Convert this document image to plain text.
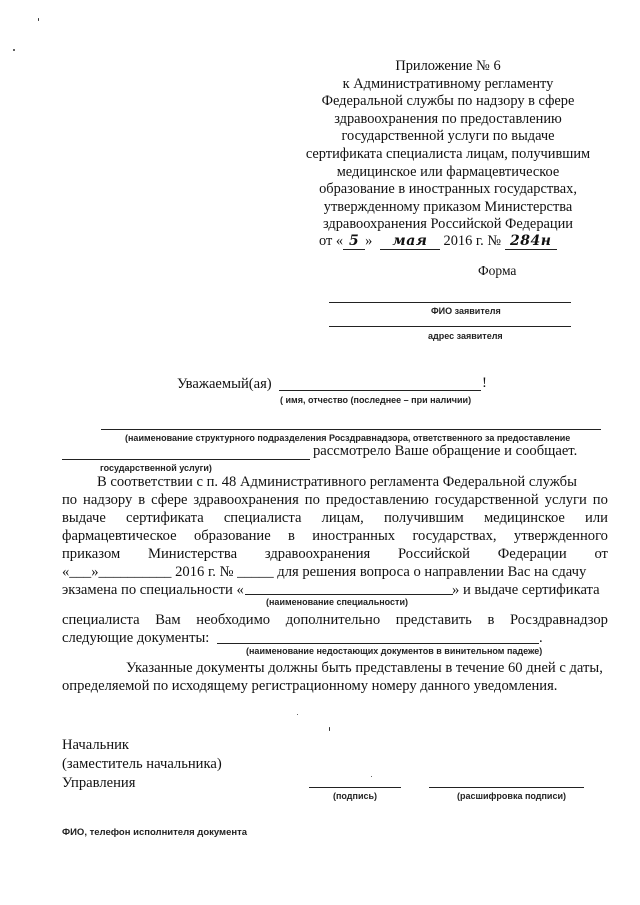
Приложение № 6
к Административному регламенту
Федеральной службы по надзору в сфере
здравоохранения по предоставлению
государственной услуги по выдаче
сертификата специалиста лицам, получившим
медицинское или фармацевтическое
образование в иностранных государствах,
утвержденному приказом Министерства
здравоохранения Российской Федерации
от « 5 » мая 2016 г. № 284н
Форма
ФИО заявителя
адрес заявителя
Уважаемый(ая)	!
( имя, отчество (последнее – при наличии)
(наименование структурного подразделения Росздравнадзора, ответственного за предоставление
рассмотрело Ваше обращение и сообщает.
государственной услуги)
В соответствии с п. 48 Административного регламента Федеральной службы
по надзору в сфере здравоохранения по предоставлению государственной услуги по
выдаче сертификата специалиста лицам, получившим медицинское или
фармацевтическое образование в иностранных государствах, утвержденного
приказом Министерства здравоохранения Российской Федерации от
«___»__________ 2016 г. № _____ для решения вопроса о направлении Вас на сдачу
экзамена по специальности «	» и выдаче сертификата
(наименование специальности)
специалиста Вам необходимо дополнительно представить в Росздравнадзор
следующие документы:	.
(наименование недостающих документов в винительном падеже)
Указанные документы должны быть представлены в течение 60 дней с даты,
определяемой по исходящему регистрационному номеру данного уведомления.
Начальник
(заместитель начальника)
Управления
(подпись)	(расшифровка подписи)
ФИО, телефон исполнителя документа
